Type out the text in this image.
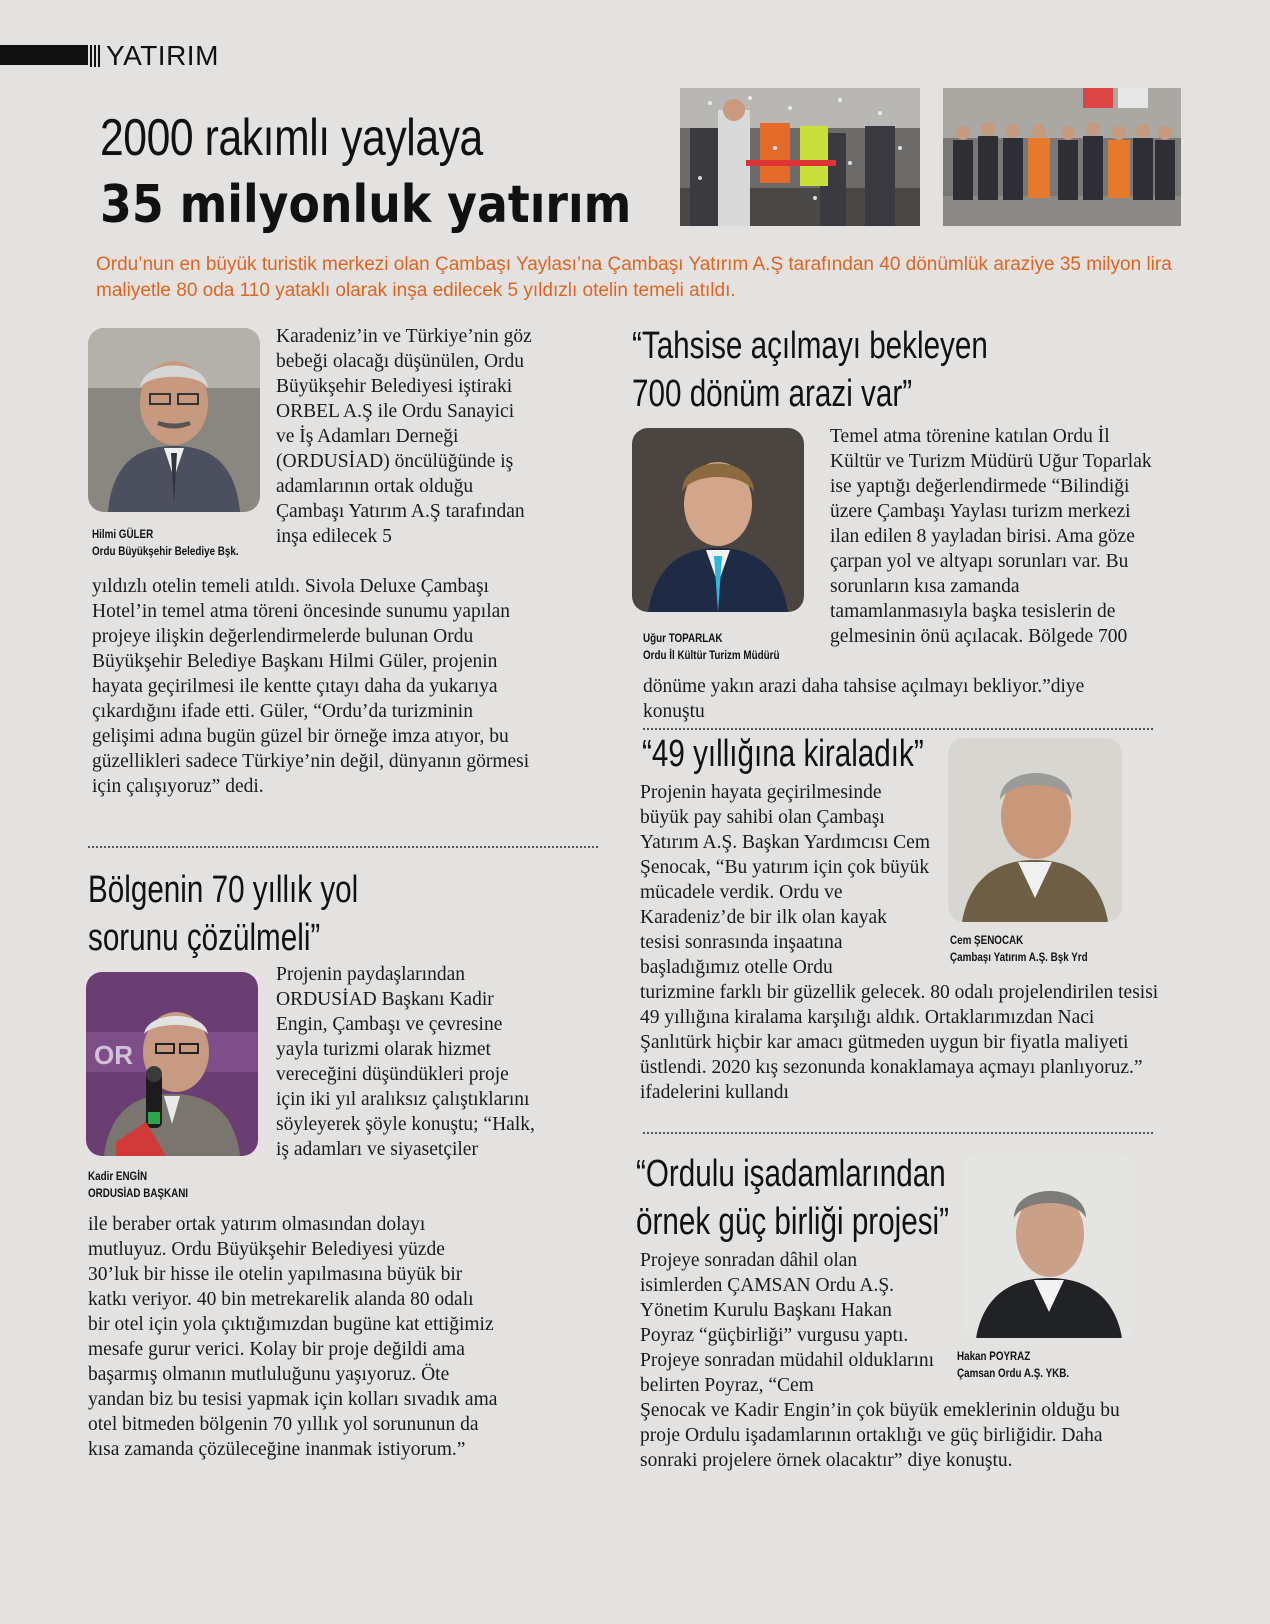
YATIRIM
2000 rakımlı yaylaya
35 milyonluk yatırım
Ordu’nun en büyük turistik merkezi olan Çambaşı Yaylası’na Çambaşı Yatırım A.Ş tarafından 40 dönümlük araziye 35 milyon lira maliyetle 80 oda 110 yataklı olarak inşa edilecek 5 yıldızlı otelin temeli atıldı.
Hilmi GÜLER
Ordu Büyükşehir Belediye Bşk.
Karadeniz’in ve Türkiye’nin göz bebeği olacağı düşünülen, Ordu Büyükşehir Belediyesi iştiraki ORBEL A.Ş ile Ordu Sanayici ve İş Adamları Derneği (ORDUSİAD) öncülüğünde iş adamlarının ortak olduğu Çambaşı Yatırım A.Ş tarafından inşa edilecek 5
yıldızlı otelin temeli atıldı. Sivola Deluxe Çambaşı Hotel’in temel atma töreni öncesinde sunumu yapılan projeye ilişkin değerlendirmelerde bulunan Ordu Büyükşehir Belediye Başkanı Hilmi Güler, projenin hayata geçirilmesi ile kentte çıtayı daha da yukarıya çıkardığını ifade etti. Güler, “Ordu’da turizminin gelişimi adına bugün güzel bir örneğe imza atıyor, bu güzellikleri sadece Türkiye’nin değil, dünyanın görmesi için çalışıyoruz” dedi.
Bölgenin 70 yıllık yol
sorunu çözülmeli”
OR
Kadir ENGİN
ORDUSİAD BAŞKANI
Projenin paydaşlarından ORDUSİAD Başkanı Kadir Engin, Çambaşı ve çevresine yayla turizmi olarak hizmet vereceğini düşündükleri proje için iki yıl aralıksız çalıştıklarını söyleyerek şöyle konuştu; “Halk, iş adamları ve siyasetçiler
ile beraber ortak yatırım olmasından dolayı mutluyuz. Ordu Büyükşehir Belediyesi yüzde 30’luk bir hisse ile otelin yapılmasına büyük bir katkı veriyor. 40 bin metrekarelik alanda 80 odalı bir otel için yola çıktığımızdan bugüne kat ettiğimiz mesafe gurur verici. Kolay bir proje değildi ama başarmış olmanın mutluluğunu yaşıyoruz. Öte yandan biz bu tesisi yapmak için kolları sıvadık ama otel bitmeden bölgenin 70 yıllık yol sorununun da kısa zamanda çözüleceğine inanmak istiyorum.”
“Tahsise açılmayı bekleyen
700 dönüm arazi var”
Uğur TOPARLAK
Ordu İl Kültür Turizm Müdürü
Temel atma törenine katılan Ordu İl Kültür ve Turizm Müdürü Uğur Toparlak ise yaptığı değerlendirmede “Bilindiği üzere Çambaşı Yaylası turizm merkezi ilan edilen 8 yayladan birisi. Ama göze çarpan yol ve altyapı sorunları var. Bu sorunların kısa zamanda tamamlanmasıyla başka tesislerin de gelmesinin önü açılacak. Bölgede 700
dönüme yakın arazi daha tahsise açılmayı bekliyor.”diye konuştu
“49 yıllığına kiraladık”
Cem ŞENOCAK
Çambaşı Yatırım A.Ş. Bşk Yrd
Projenin hayata geçirilmesinde büyük pay sahibi olan Çambaşı Yatırım A.Ş. Başkan Yardımcısı Cem Şenocak, “Bu yatırım için çok büyük mücadele verdik. Ordu ve Karadeniz’de bir ilk olan kayak tesisi sonrasında inşaatına başladığımız otelle Ordu
turizmine farklı bir güzellik gelecek. 80 odalı projelendirilen tesisi 49 yıllığına kiralama karşılığı aldık. Ortaklarımızdan Naci Şanlıtürk hiçbir kar amacı gütmeden uygun bir fiyatla maliyeti üstlendi. 2020 kış sezonunda konaklamaya açmayı planlıyoruz.” ifadelerini kullandı
“Ordulu işadamlarından
örnek güç birliği projesi”
Hakan POYRAZ
Çamsan Ordu A.Ş. YKB.
Projeye sonradan dâhil olan isimlerden ÇAMSAN Ordu A.Ş. Yönetim Kurulu Başkanı Hakan Poyraz “güçbirliği” vurgusu yaptı. Projeye sonradan müdahil olduklarını belirten Poyraz, “Cem
Şenocak ve Kadir Engin’in çok büyük emeklerinin olduğu bu proje Ordulu işadamlarının ortaklığı ve güç birliğidir. Daha sonraki projelere örnek olacaktır” diye konuştu.
